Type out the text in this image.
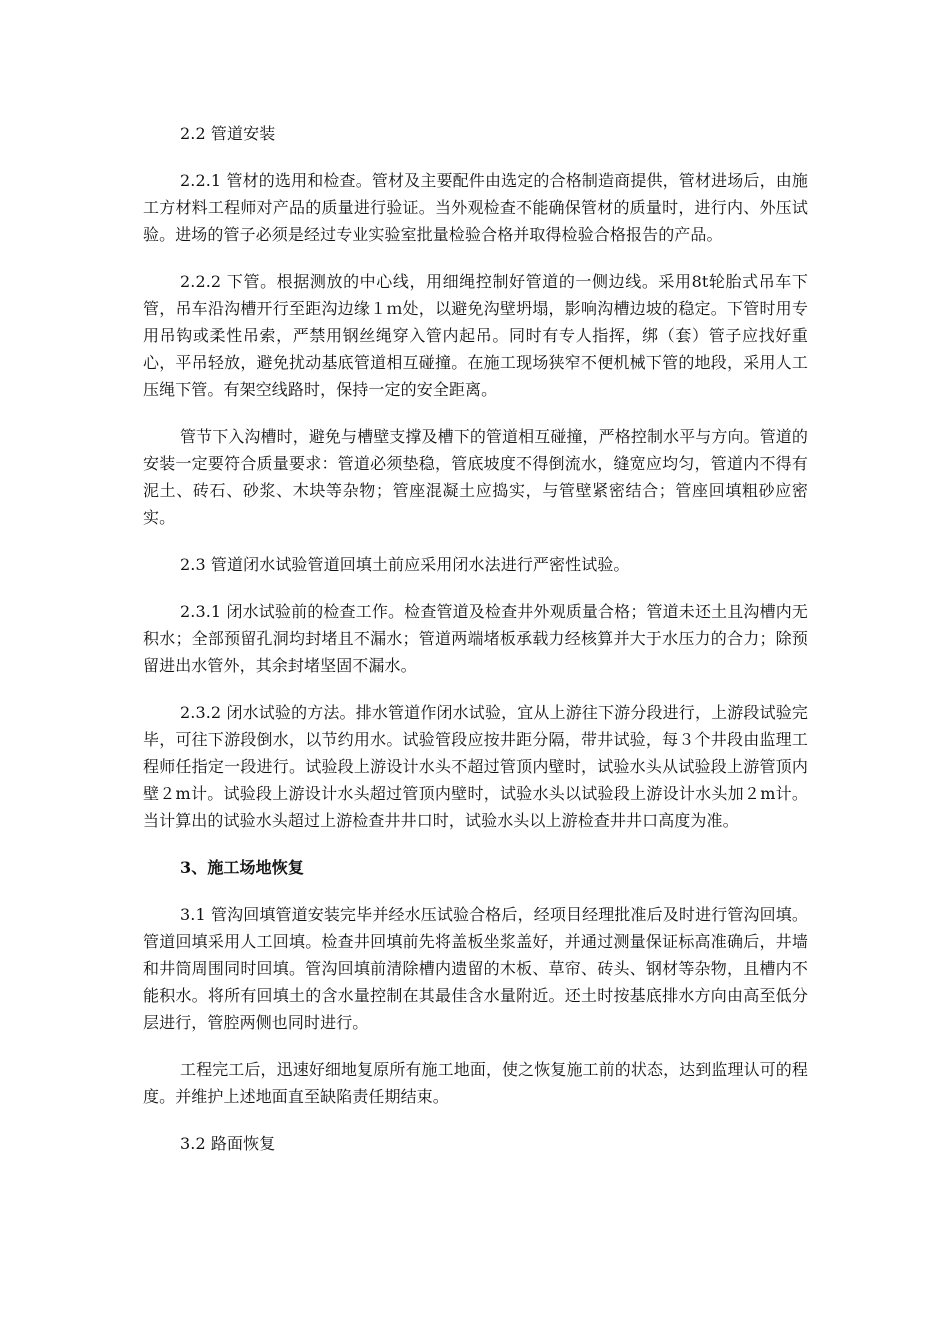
2.2 管道安装

2.2.1 管材的选用和检查。管材及主要配件由选定的合格制造商提供，管材进场后，由施工方材料工程师对产品的质量进行验证。当外观检查不能确保管材的质量时，进行内、外压试验。进场的管子必须是经过专业实验室批量检验合格并取得检验合格报告的产品。

2.2.2 下管。根据测放的中心线，用细绳控制好管道的一侧边线。采用8t轮胎式吊车下管，吊车沿沟槽开行至距沟边缘１ｍ处，以避免沟壁坍塌，影响沟槽边坡的稳定。下管时用专用吊钩或柔性吊索，严禁用钢丝绳穿入管内起吊。同时有专人指挥，绑（套）管子应找好重心，平吊轻放，避免扰动基底管道相互碰撞。在施工现场狭窄不便机械下管的地段，采用人工压绳下管。有架空线路时，保持一定的安全距离。

管节下入沟槽时，避免与槽壁支撑及槽下的管道相互碰撞，严格控制水平与方向。管道的安装一定要符合质量要求：管道必须垫稳，管底坡度不得倒流水，缝宽应均匀，管道内不得有泥土、砖石、砂浆、木块等杂物；管座混凝土应捣实，与管壁紧密结合；管座回填粗砂应密实。

2.3 管道闭水试验管道回填土前应采用闭水法进行严密性试验。

2.3.1 闭水试验前的检查工作。检查管道及检查井外观质量合格；管道未还土且沟槽内无积水；全部预留孔洞均封堵且不漏水；管道两端堵板承载力经核算并大于水压力的合力；除预留进出水管外，其余封堵坚固不漏水。

2.3.2 闭水试验的方法。排水管道作闭水试验，宜从上游往下游分段进行，上游段试验完毕，可往下游段倒水，以节约用水。试验管段应按井距分隔，带井试验，每３个井段由监理工程师任指定一段进行。试验段上游设计水头不超过管顶内壁时，试验水头从试验段上游管顶内壁２m计。试验段上游设计水头超过管顶内壁时，试验水头以试验段上游设计水头加２m计。当计算出的试验水头超过上游检查井井口时，试验水头以上游检查井井口高度为准。

3、施工场地恢复

3.1 管沟回填管道安装完毕并经水压试验合格后，经项目经理批准后及时进行管沟回填。管道回填采用人工回填。检查井回填前先将盖板坐浆盖好，并通过测量保证标高准确后，井墙和井筒周围同时回填。管沟回填前清除槽内遗留的木板、草帘、砖头、钢材等杂物，且槽内不能积水。将所有回填土的含水量控制在其最佳含水量附近。还土时按基底排水方向由高至低分层进行，管腔两侧也同时进行。

工程完工后，迅速好细地复原所有施工地面，使之恢复施工前的状态，达到监理认可的程度。并维护上述地面直至缺陷责任期结束。

3.2 路面恢复
